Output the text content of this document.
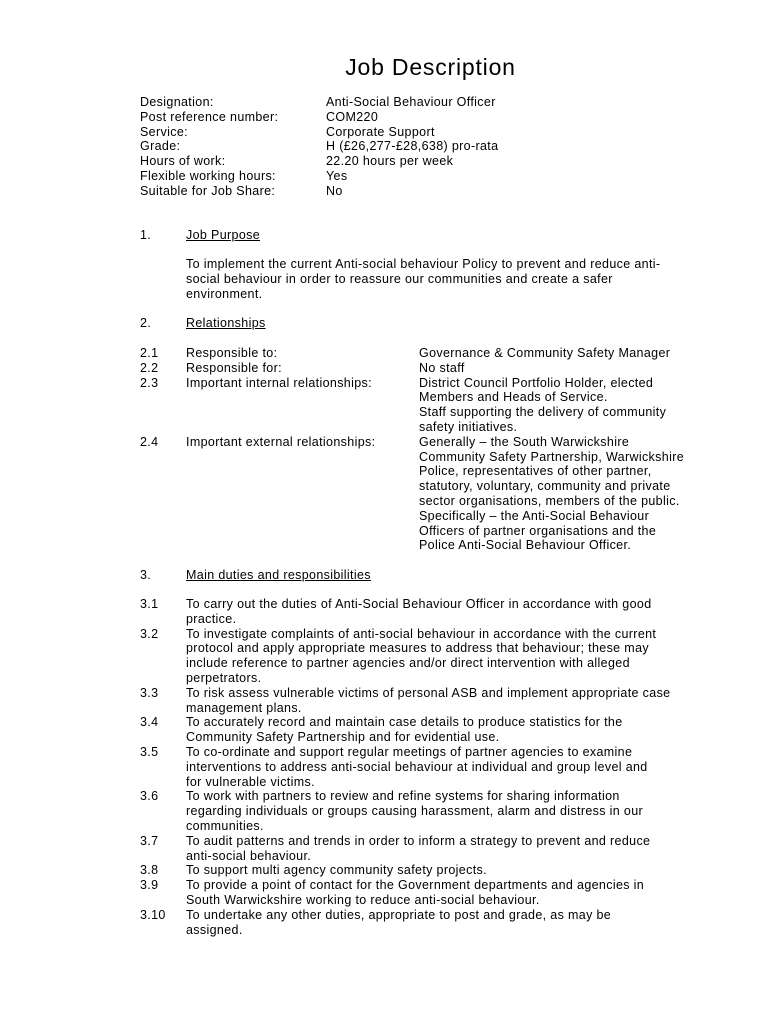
Job Description
Designation:	Anti-Social Behaviour Officer
Post reference number:	COM220
Service:	Corporate Support
Grade:	H (£26,277-£28,638) pro-rata
Hours of work:	22.20 hours per week
Flexible working hours:	Yes
Suitable for Job Share:	No
1.	Job Purpose
To implement the current Anti-social behaviour Policy to prevent and reduce anti-
social behaviour in order to reassure our communities and create a safer
environment.
2.	Relationships
2.1 Responsible to:	Governance & Community Safety Manager
2.2 Responsible for:	No staff
2.3 Important internal relationships:	District Council Portfolio Holder, elected
Members and Heads of Service.
Staff supporting the delivery of community
safety initiatives.
2.4 Important external relationships:	Generally – the South Warwickshire
Community Safety Partnership, Warwickshire
Police, representatives of other partner,
statutory, voluntary, community and private
sector organisations, members of the public.
Specifically – the Anti-Social Behaviour
Officers of partner organisations and the
Police Anti-Social Behaviour Officer.
3.	Main duties and responsibilities
3.1 To carry out the duties of Anti-Social Behaviour Officer in accordance with good
practice.
3.2 To investigate complaints of anti-social behaviour in accordance with the current
protocol and apply appropriate measures to address that behaviour; these may
include reference to partner agencies and/or direct intervention with alleged
perpetrators.
3.3 To risk assess vulnerable victims of personal ASB and implement appropriate case
management plans.
3.4 To accurately record and maintain case details to produce statistics for the
Community Safety Partnership and for evidential use.
3.5 To co-ordinate and support regular meetings of partner agencies to examine
interventions to address anti-social behaviour at individual and group level and
for vulnerable victims.
3.6 To work with partners to review and refine systems for sharing information
regarding individuals or groups causing harassment, alarm and distress in our
communities.
3.7 To audit patterns and trends in order to inform a strategy to prevent and reduce
anti-social behaviour.
3.8 To support multi agency community safety projects.
3.9 To provide a point of contact for the Government departments and agencies in
South Warwickshire working to reduce anti-social behaviour.
3.10 To undertake any other duties, appropriate to post and grade, as may be
assigned.
